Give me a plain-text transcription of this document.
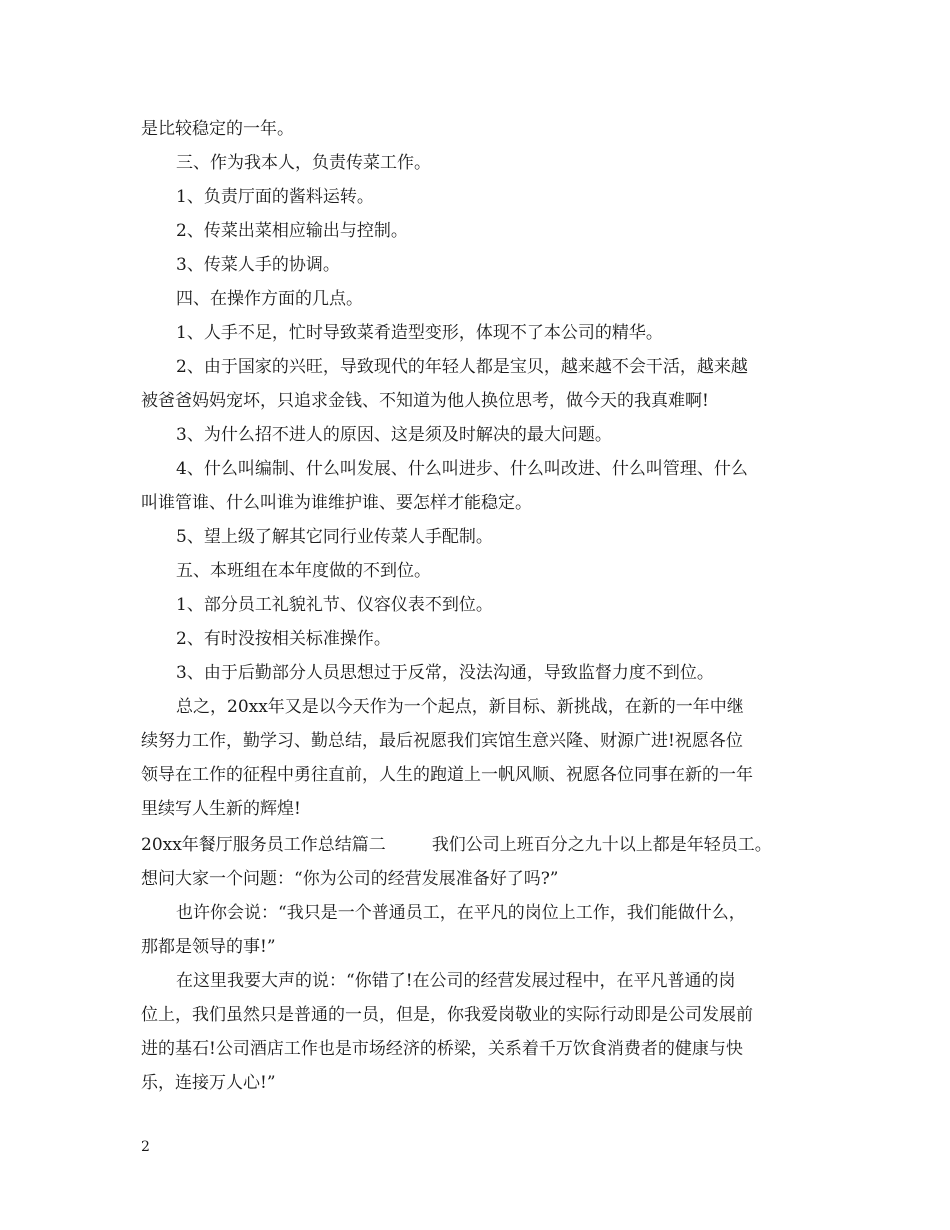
是比较稳定的一年。
三、作为我本人，负责传菜工作。
1、负责厅面的酱料运转。
2、传菜出菜相应输出与控制。
3、传菜人手的协调。
四、在操作方面的几点。
1、人手不足，忙时导致菜肴造型变形，体现不了本公司的精华。
2、由于国家的兴旺，导致现代的年轻人都是宝贝，越来越不会干活，越来越
被爸爸妈妈宠坏，只追求金钱、不知道为他人换位思考，做今天的我真难啊!
3、为什么招不进人的原因、这是须及时解决的最大问题。
4、什么叫编制、什么叫发展、什么叫进步、什么叫改进、什么叫管理、什么
叫谁管谁、什么叫谁为谁维护谁、要怎样才能稳定。
5、望上级了解其它同行业传菜人手配制。
五、本班组在本年度做的不到位。
1、部分员工礼貌礼节、仪容仪表不到位。
2、有时没按相关标准操作。
3、由于后勤部分人员思想过于反常，没法沟通，导致监督力度不到位。
总之，20xx年又是以今天作为一个起点，新目标、新挑战，在新的一年中继
续努力工作，勤学习、勤总结，最后祝愿我们宾馆生意兴隆、财源广进!祝愿各位
领导在工作的征程中勇往直前，人生的跑道上一帆风顺、祝愿各位同事在新的一年
里续写人生新的辉煌!
20xx年餐厅服务员工作总结篇二	我们公司上班百分之九十以上都是年轻员工。
想问大家一个问题：“你为公司的经营发展准备好了吗?”
也许你会说：“我只是一个普通员工，在平凡的岗位上工作，我们能做什么，
那都是领导的事!”
在这里我要大声的说：“你错了!在公司的经营发展过程中，在平凡普通的岗
位上，我们虽然只是普通的一员，但是，你我爱岗敬业的实际行动即是公司发展前
进的基石!公司酒店工作也是市场经济的桥梁，关系着千万饮食消费者的健康与快
乐，连接万人心!”
2
